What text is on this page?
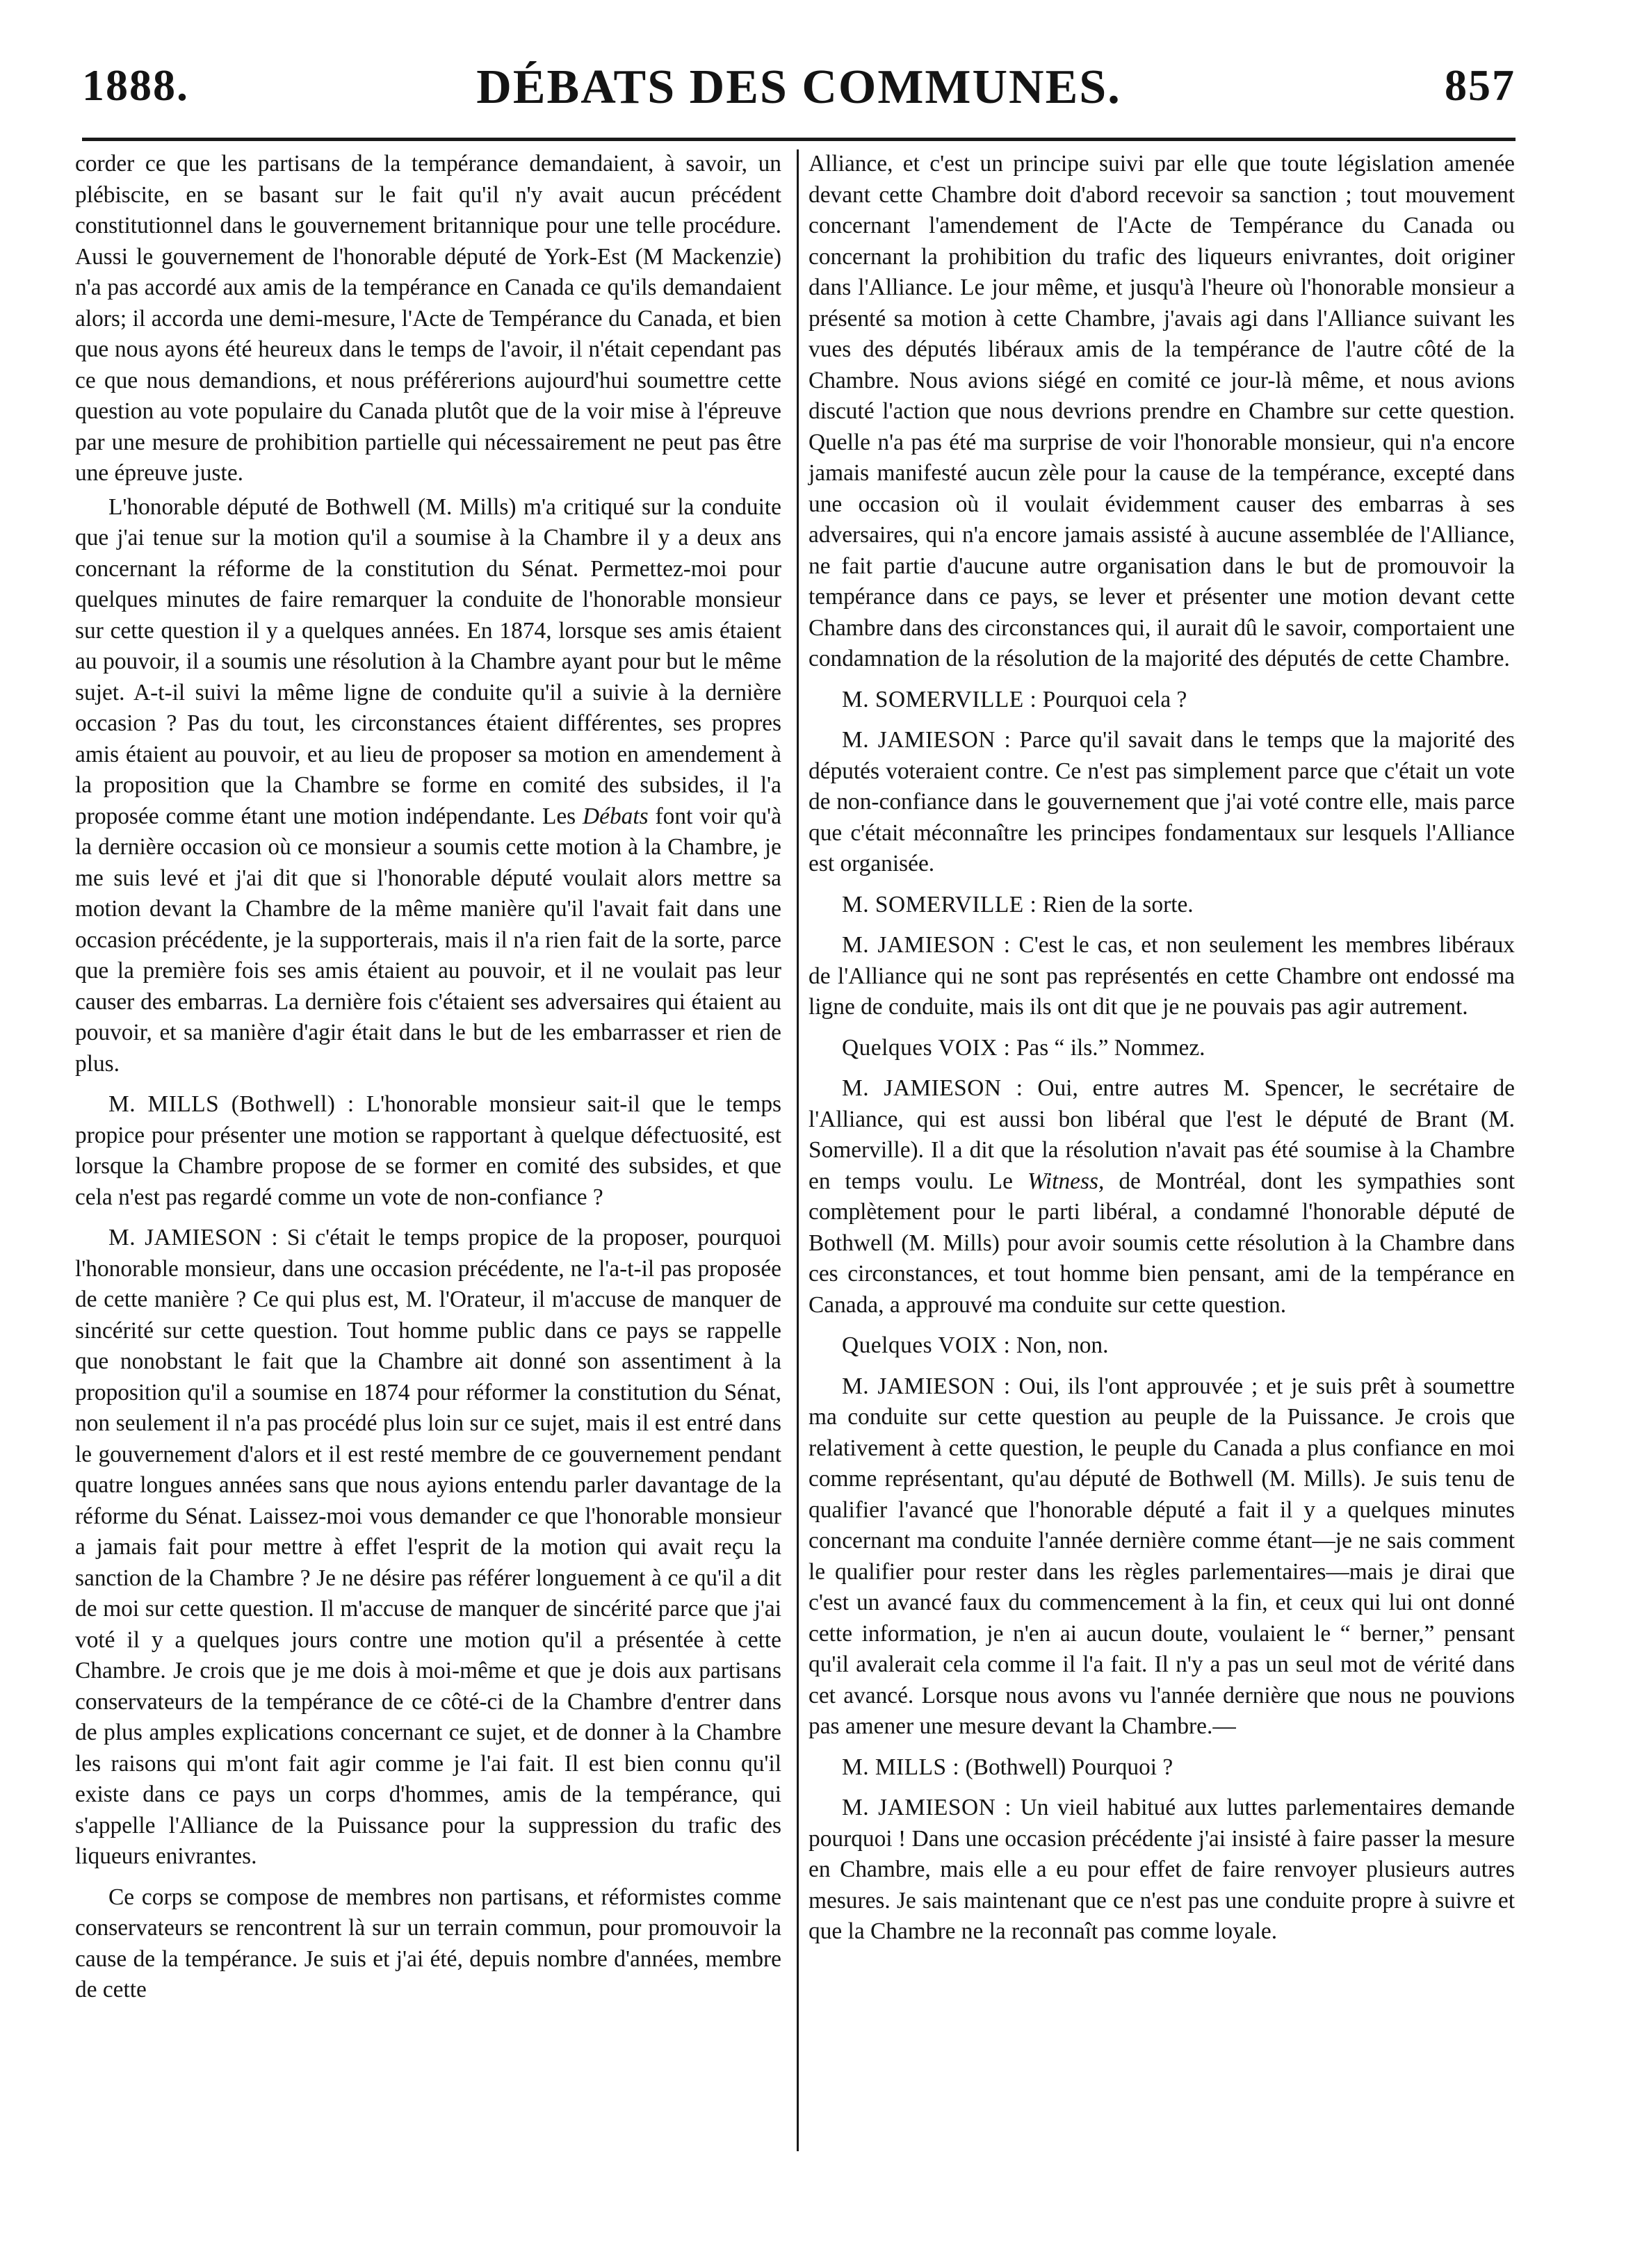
1888.	DÉBATS DES COMMUNES.	857

corder ce que les partisans de la tempérance demandaient, à savoir, un plébiscite, en se basant sur le fait qu'il n'y avait aucun précédent constitutionnel dans le gouvernement britannique pour une telle procédure. Aussi le gouvernement de l'honorable député de York-Est (M Mackenzie) n'a pas accordé aux amis de la tempérance en Canada ce qu'ils demandaient alors; il accorda une demi-mesure, l'Acte de Tempérance du Canada, et bien que nous ayons été heureux dans le temps de l'avoir, il n'était cependant pas ce que nous demandions, et nous préférerions aujourd'hui soumettre cette question au vote populaire du Canada plutôt que de la voir mise à l'épreuve par une mesure de prohibition partielle qui nécessairement ne peut pas être une épreuve juste.

L'honorable député de Bothwell (M. Mills) m'a critiqué sur la conduite que j'ai tenue sur la motion qu'il a soumise à la Chambre il y a deux ans concernant la réforme de la constitution du Sénat. Permettez-moi pour quelques minutes de faire remarquer la conduite de l'honorable monsieur sur cette question il y a quelques années. En 1874, lorsque ses amis étaient au pouvoir, il a soumis une résolution à la Chambre ayant pour but le même sujet. A-t-il suivi la même ligne de conduite qu'il a suivie à la dernière occasion ? Pas du tout, les circonstances étaient différentes, ses propres amis étaient au pouvoir, et au lieu de proposer sa motion en amendement à la proposition que la Chambre se forme en comité des subsides, il l'a proposée comme étant une motion indépendante. Les Débats font voir qu'à la dernière occasion où ce monsieur a soumis cette motion à la Chambre, je me suis levé et j'ai dit que si l'honorable député voulait alors mettre sa motion devant la Chambre de la même manière qu'il l'avait fait dans une occasion précédente, je la supporterais, mais il n'a rien fait de la sorte, parce que la première fois ses amis étaient au pouvoir, et il ne voulait pas leur causer des embarras. La dernière fois c'étaient ses adversaires qui étaient au pouvoir, et sa manière d'agir était dans le but de les embarrasser et rien de plus.

M. MILLS (Bothwell) : L'honorable monsieur sait-il que le temps propice pour présenter une motion se rapportant à quelque défectuosité, est lorsque la Chambre propose de se former en comité des subsides, et que cela n'est pas regardé comme un vote de non-confiance ?

M. JAMIESON : Si c'était le temps propice de la proposer, pourquoi l'honorable monsieur, dans une occasion précédente, ne l'a-t-il pas proposée de cette manière ? Ce qui plus est, M. l'Orateur, il m'accuse de manquer de sincérité sur cette question. Tout homme public dans ce pays se rappelle que nonobstant le fait que la Chambre ait donné son assentiment à la proposition qu'il a soumise en 1874 pour réformer la constitution du Sénat, non seulement il n'a pas procédé plus loin sur ce sujet, mais il est entré dans le gouvernement d'alors et il est resté membre de ce gouvernement pendant quatre longues années sans que nous ayions entendu parler davantage de la réforme du Sénat. Laissez-moi vous demander ce que l'honorable monsieur a jamais fait pour mettre à effet l'esprit de la motion qui avait reçu la sanction de la Chambre ? Je ne désire pas référer longuement à ce qu'il a dit de moi sur cette question. Il m'accuse de manquer de sincérité parce que j'ai voté il y a quelques jours contre une motion qu'il a présentée à cette Chambre. Je crois que je me dois à moi-même et que je dois aux partisans conservateurs de la tempérance de ce côté-ci de la Chambre d'entrer dans de plus amples explications concernant ce sujet, et de donner à la Chambre les raisons qui m'ont fait agir comme je l'ai fait. Il est bien connu qu'il existe dans ce pays un corps d'hommes, amis de la tempérance, qui s'appelle l'Alliance de la Puissance pour la suppression du trafic des liqueurs enivrantes.

Ce corps se compose de membres non partisans, et réformistes comme conservateurs se rencontrent là sur un terrain commun, pour promouvoir la cause de la tempérance. Je suis et j'ai été, depuis nombre d'années, membre de cette

Alliance, et c'est un principe suivi par elle que toute législation amenée devant cette Chambre doit d'abord recevoir sa sanction ; tout mouvement concernant l'amendement de l'Acte de Tempérance du Canada ou concernant la prohibition du trafic des liqueurs enivrantes, doit originer dans l'Alliance. Le jour même, et jusqu'à l'heure où l'honorable monsieur a présenté sa motion à cette Chambre, j'avais agi dans l'Alliance suivant les vues des députés libéraux amis de la tempérance de l'autre côté de la Chambre. Nous avions siégé en comité ce jour-là même, et nous avions discuté l'action que nous devrions prendre en Chambre sur cette question. Quelle n'a pas été ma surprise de voir l'honorable monsieur, qui n'a encore jamais manifesté aucun zèle pour la cause de la tempérance, excepté dans une occasion où il voulait évidemment causer des embarras à ses adversaires, qui n'a encore jamais assisté à aucune assemblée de l'Alliance, ne fait partie d'aucune autre organisation dans le but de promouvoir la tempérance dans ce pays, se lever et présenter une motion devant cette Chambre dans des circonstances qui, il aurait dû le savoir, comportaient une condamnation de la résolution de la majorité des députés de cette Chambre.

M. SOMERVILLE : Pourquoi cela ?

M. JAMIESON : Parce qu'il savait dans le temps que la majorité des députés voteraient contre. Ce n'est pas simplement parce que c'était un vote de non-confiance dans le gouvernement que j'ai voté contre elle, mais parce que c'était méconnaître les principes fondamentaux sur lesquels l'Alliance est organisée.

M. SOMERVILLE : Rien de la sorte.

M. JAMIESON : C'est le cas, et non seulement les membres libéraux de l'Alliance qui ne sont pas représentés en cette Chambre ont endossé ma ligne de conduite, mais ils ont dit que je ne pouvais pas agir autrement.

Quelques VOIX : Pas “ ils.” Nommez.

M. JAMIESON : Oui, entre autres M. Spencer, le secrétaire de l'Alliance, qui est aussi bon libéral que l'est le député de Brant (M. Somerville). Il a dit que la résolution n'avait pas été soumise à la Chambre en temps voulu. Le Witness, de Montréal, dont les sympathies sont complètement pour le parti libéral, a condamné l'honorable député de Bothwell (M. Mills) pour avoir soumis cette résolution à la Chambre dans ces circonstances, et tout homme bien pensant, ami de la tempérance en Canada, a approuvé ma conduite sur cette question.

Quelques VOIX : Non, non.

M. JAMIESON : Oui, ils l'ont approuvée ; et je suis prêt à soumettre ma conduite sur cette question au peuple de la Puissance. Je crois que relativement à cette question, le peuple du Canada a plus confiance en moi comme représentant, qu'au député de Bothwell (M. Mills). Je suis tenu de qualifier l'avancé que l'honorable député a fait il y a quelques minutes concernant ma conduite l'année dernière comme étant—je ne sais comment le qualifier pour rester dans les règles parlementaires—mais je dirai que c'est un avancé faux du commencement à la fin, et ceux qui lui ont donné cette information, je n'en ai aucun doute, voulaient le “ berner,” pensant qu'il avalerait cela comme il l'a fait. Il n'y a pas un seul mot de vérité dans cet avancé. Lorsque nous avons vu l'année dernière que nous ne pouvions pas amener une mesure devant la Chambre.—

M. MILLS : (Bothwell) Pourquoi ?

M. JAMIESON : Un vieil habitué aux luttes parlementaires demande pourquoi ! Dans une occasion précédente j'ai insisté à faire passer la mesure en Chambre, mais elle a eu pour effet de faire renvoyer plusieurs autres mesures. Je sais maintenant que ce n'est pas une conduite propre à suivre et que la Chambre ne la reconnaît pas comme loyale.
